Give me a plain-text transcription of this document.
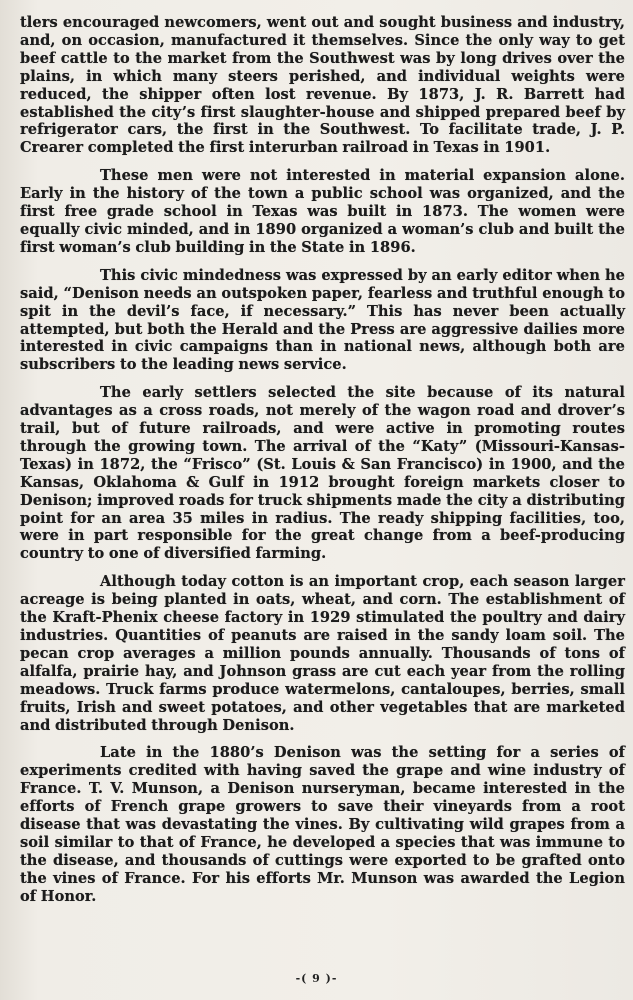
tlers encouraged newcomers, went out and sought business and industry, and, on occasion, manufactured it themselves. Since the only way to get beef cattle to the market from the Southwest was by long drives over the plains, in which many steers perished, and individual weights were reduced, the shipper often lost revenue. By 1873, J. R. Barrett had established the city’s first slaughter-house and shipped prepared beef by refrigerator cars, the first in the Southwest. To facilitate trade, J. P. Crearer completed the first interurban railroad in Texas in 1901.

These men were not interested in material expansion alone. Early in the history of the town a public school was organized, and the first free grade school in Texas was built in 1873. The women were equally civic minded, and in 1890 organized a woman’s club and built the first woman’s club building in the State in 1896.

This civic mindedness was expressed by an early editor when he said, “Denison needs an outspoken paper, fearless and truthful enough to spit in the devil’s face, if necessary.” This has never been actually attempted, but both the Herald and the Press are aggressive dailies more interested in civic campaigns than in national news, although both are subscribers to the leading news service.

The early settlers selected the site because of its natural advantages as a cross roads, not merely of the wagon road and drover’s trail, but of future railroads, and were active in promoting routes through the growing town. The arrival of the “Katy” (Missouri-Kansas-Texas) in 1872, the “Frisco” (St. Louis & San Francisco) in 1900, and the Kansas, Oklahoma & Gulf in 1912 brought foreign markets closer to Denison; improved roads for truck shipments made the city a distributing point for an area 35 miles in radius. The ready shipping facilities, too, were in part responsible for the great change from a beef-producing country to one of diversified farming.

Although today cotton is an important crop, each season larger acreage is being planted in oats, wheat, and corn. The establishment of the Kraft-Phenix cheese factory in 1929 stimulated the poultry and dairy industries. Quantities of peanuts are raised in the sandy loam soil. The pecan crop averages a million pounds annually. Thousands of tons of alfalfa, prairie hay, and Johnson grass are cut each year from the rolling meadows. Truck farms produce watermelons, cantaloupes, berries, small fruits, Irish and sweet potatoes, and other vegetables that are marketed and distributed through Denison.

Late in the 1880’s Denison was the setting for a series of experiments credited with having saved the grape and wine industry of France. T. V. Munson, a Denison nurseryman, became interested in the efforts of French grape growers to save their vineyards from a root disease that was devastating the vines. By cultivating wild grapes from a soil similar to that of France, he developed a species that was immune to the disease, and thousands of cuttings were exported to be grafted onto the vines of France. For his efforts Mr. Munson was awarded the Legion of Honor.

-( 9 )-
